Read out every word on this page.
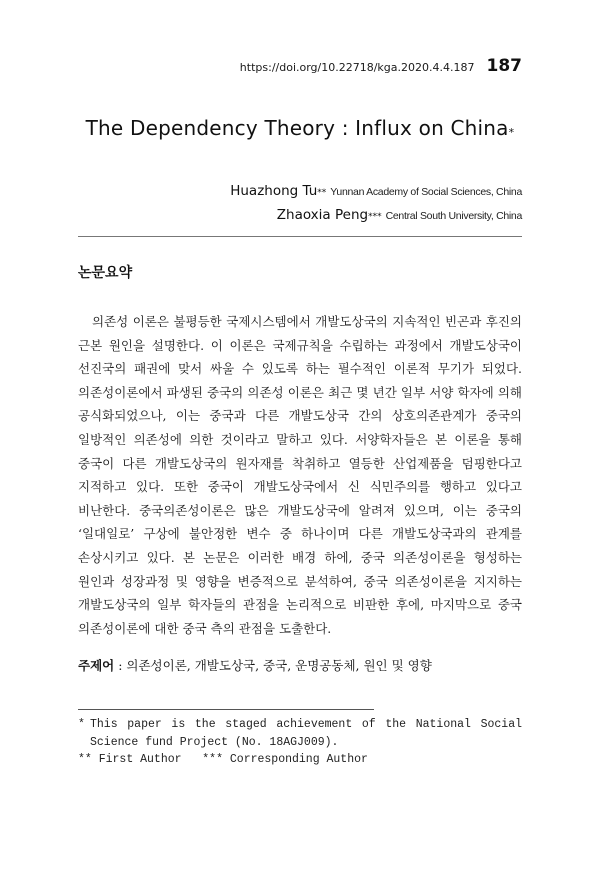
https://doi.org/10.22718/kga.2020.4.4.187 187
The Dependency Theory : Influx on China*
Huazhong Tu** Yunnan Academy of Social Sciences, China
Zhaoxia Peng*** Central South University, China
논문요약

의존성 이론은 불평등한 국제시스템에서 개발도상국의 지속적인 빈곤과 후진의 근본 원인을 설명한다. 이 이론은 국제규칙을 수립하는 과정에서 개발도상국이 선진국의 패권에 맞서 싸울 수 있도록 하는 필수적인 이론적 무기가 되었다. 의존성이론에서 파생된 중국의 의존성 이론은 최근 몇 년간 일부 서양 학자에 의해 공식화되었으나, 이는 중국과 다른 개발도상국 간의 상호의존관계가 중국의 일방적인 의존성에 의한 것이라고 말하고 있다. 서양학자들은 본 이론을 통해 중국이 다른 개발도상국의 원자재를 착취하고 열등한 산업제품을 덤핑한다고 지적하고 있다. 또한 중국이 개발도상국에서 신 식민주의를 행하고 있다고 비난한다. 중국의존성이론은 많은 개발도상국에 알려져 있으며, 이는 중국의 ‘일대일로’ 구상에 불안정한 변수 중 하나이며 다른 개발도상국과의 관계를 손상시키고 있다. 본 논문은 이러한 배경 하에, 중국 의존성이론을 형성하는 원인과 성장과정 및 영향을 변증적으로 분석하여, 중국 의존성이론을 지지하는 개발도상국의 일부 학자들의 관점을 논리적으로 비판한 후에, 마지막으로 중국 의존성이론에 대한 중국 측의 관점을 도출한다.

주제어 : 의존성이론, 개발도상국, 중국, 운명공동체, 원인 및 영향
* This paper is the staged achievement of the National Social Science fund Project (No. 18AGJ009).
** First Author *** Corresponding Author
